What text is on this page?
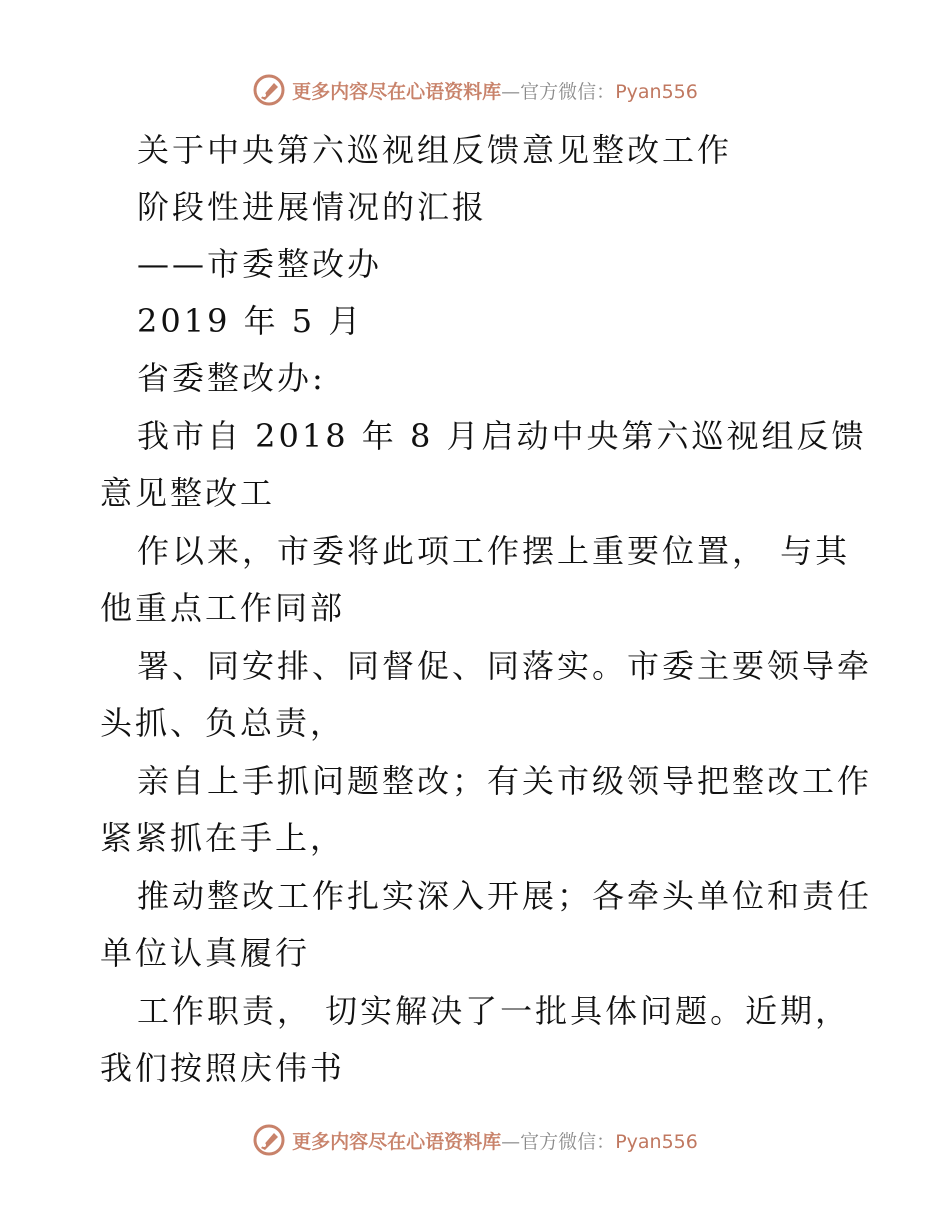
更多内容尽在心语资料库—官方微信：Pyan556
关于中央第六巡视组反馈意见整改工作
阶段性进展情况的汇报
——市委整改办
2019 年 5 月
省委整改办:
我市自 2018 年 8 月启动中央第六巡视组反馈
意见整改工
作以来，市委将此项工作摆上重要位置， 与其
他重点工作同部
署、同安排、同督促、同落实。市委主要领导牵
头抓、负总责，
亲自上手抓问题整改；有关市级领导把整改工作
紧紧抓在手上，
推动整改工作扎实深入开展；各牵头单位和责任
单位认真履行
工作职责， 切实解决了一批具体问题。近期，
我们按照庆伟书
更多内容尽在心语资料库—官方微信：Pyan556
